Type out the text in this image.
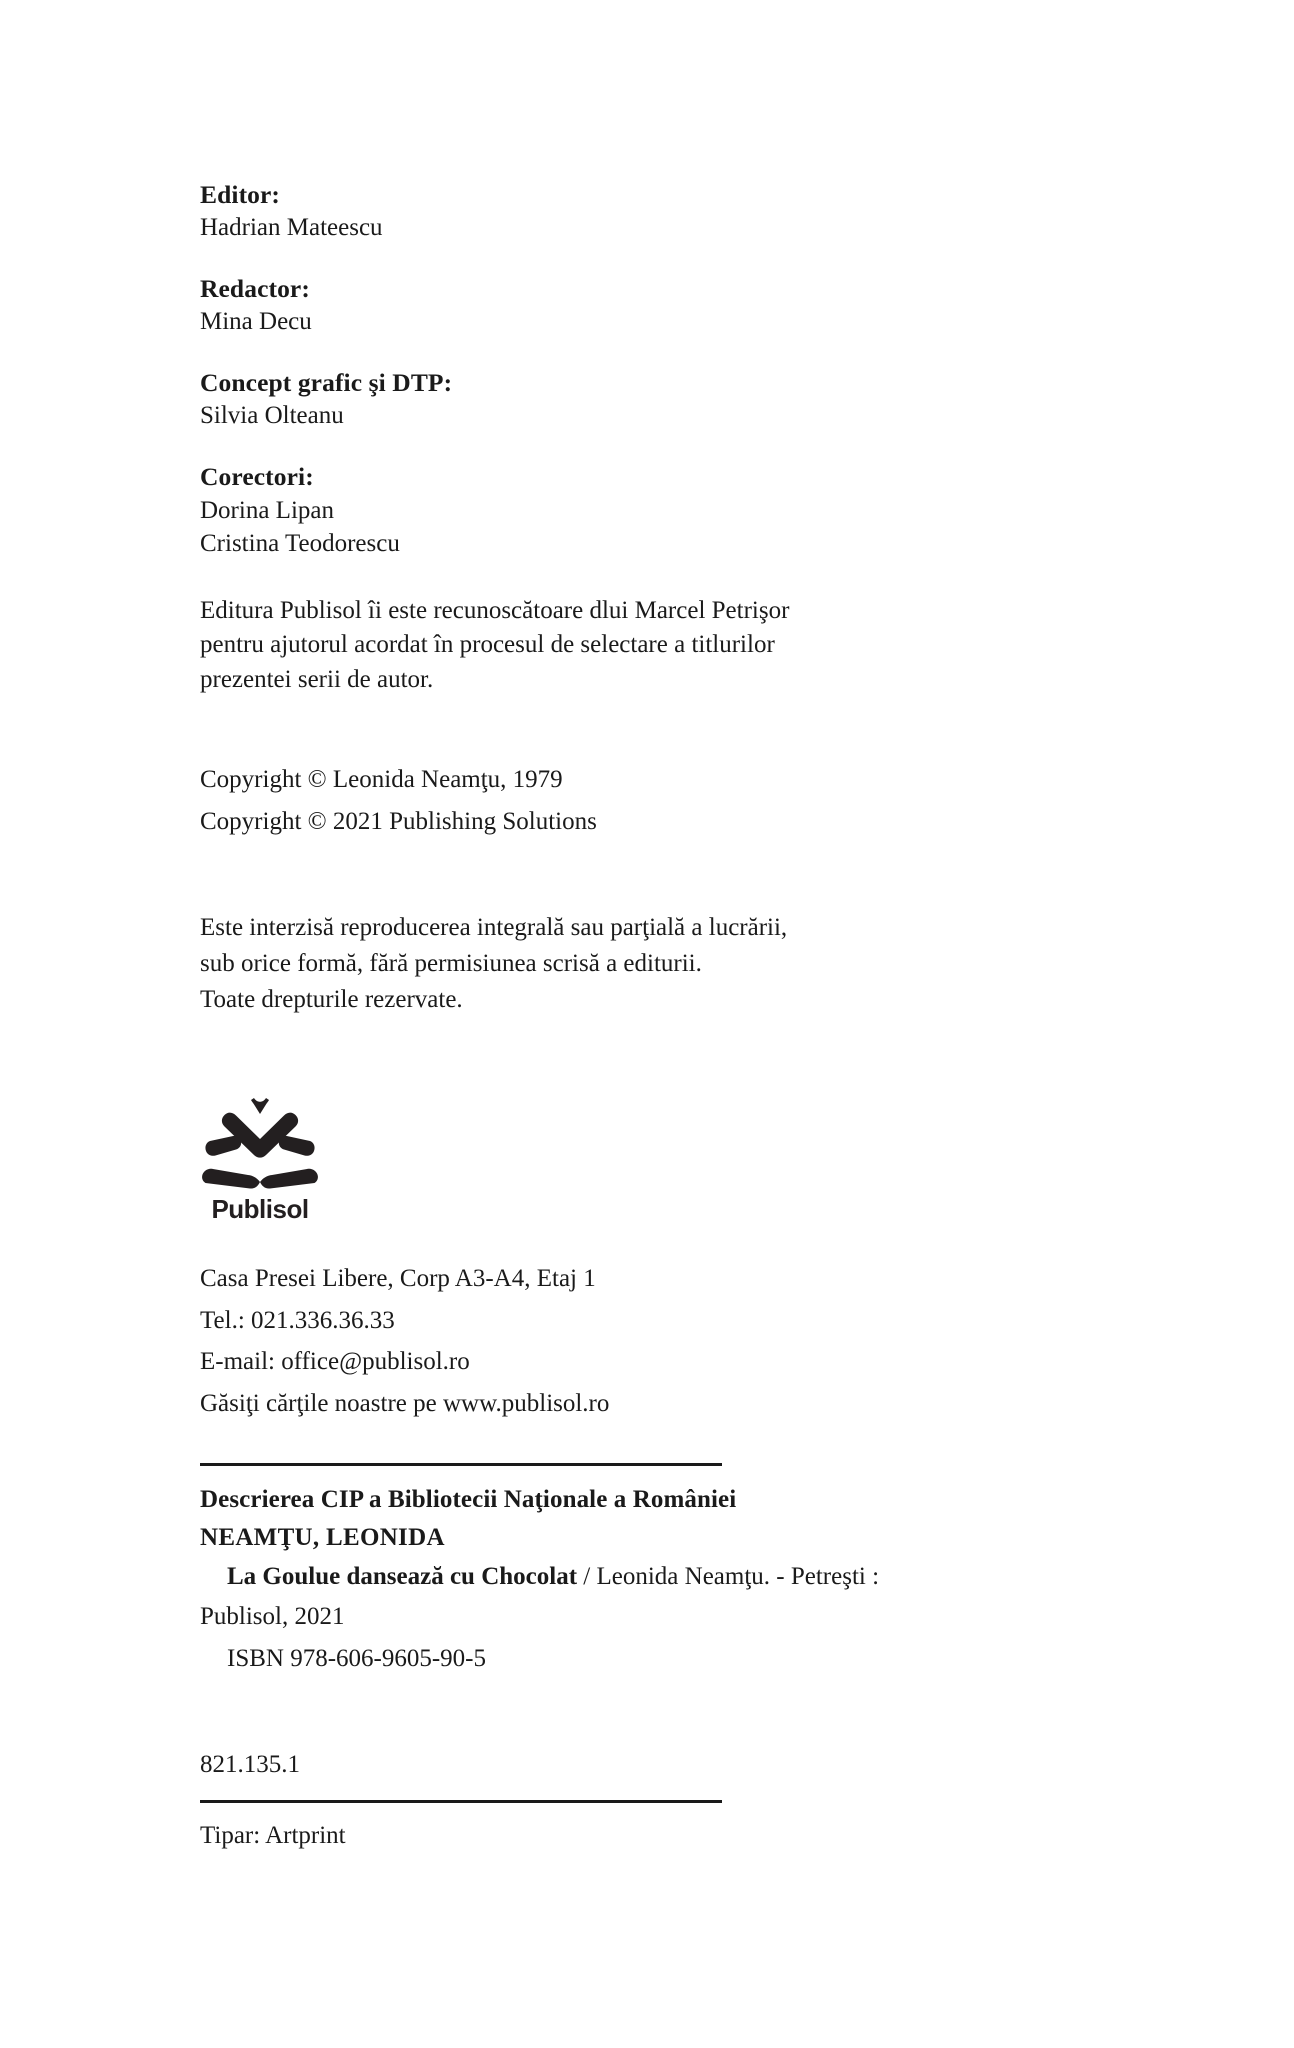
Editor:
Hadrian Mateescu
Redactor:
Mina Decu
Concept grafic şi DTP:
Silvia Olteanu
Corectori:
Dorina Lipan
Cristina Teodorescu
Editura Publisol îi este recunoscătoare dlui Marcel Petrişor
pentru ajutorul acordat în procesul de selectare a titlurilor
prezentei serii de autor.
Copyright © Leonida Neamţu, 1979
Copyright © 2021 Publishing Solutions
Este interzisă reproducerea integrală sau parţială a lucrării,
sub orice formă, fără permisiunea scrisă a editurii.
Toate drepturile rezervate.
Publisol
Casa Presei Libere, Corp A3-A4, Etaj 1
Tel.: 021.336.36.33
E-mail: office@publisol.ro
Găsiţi cărţile noastre pe www.publisol.ro
Descrierea CIP a Bibliotecii Naţionale a României
NEAMŢU, LEONIDA
La Goulue dansează cu Chocolat / Leonida Neamţu. - Petreşti :
Publisol, 2021
ISBN 978-606-9605-90-5
821.135.1
Tipar: Artprint
